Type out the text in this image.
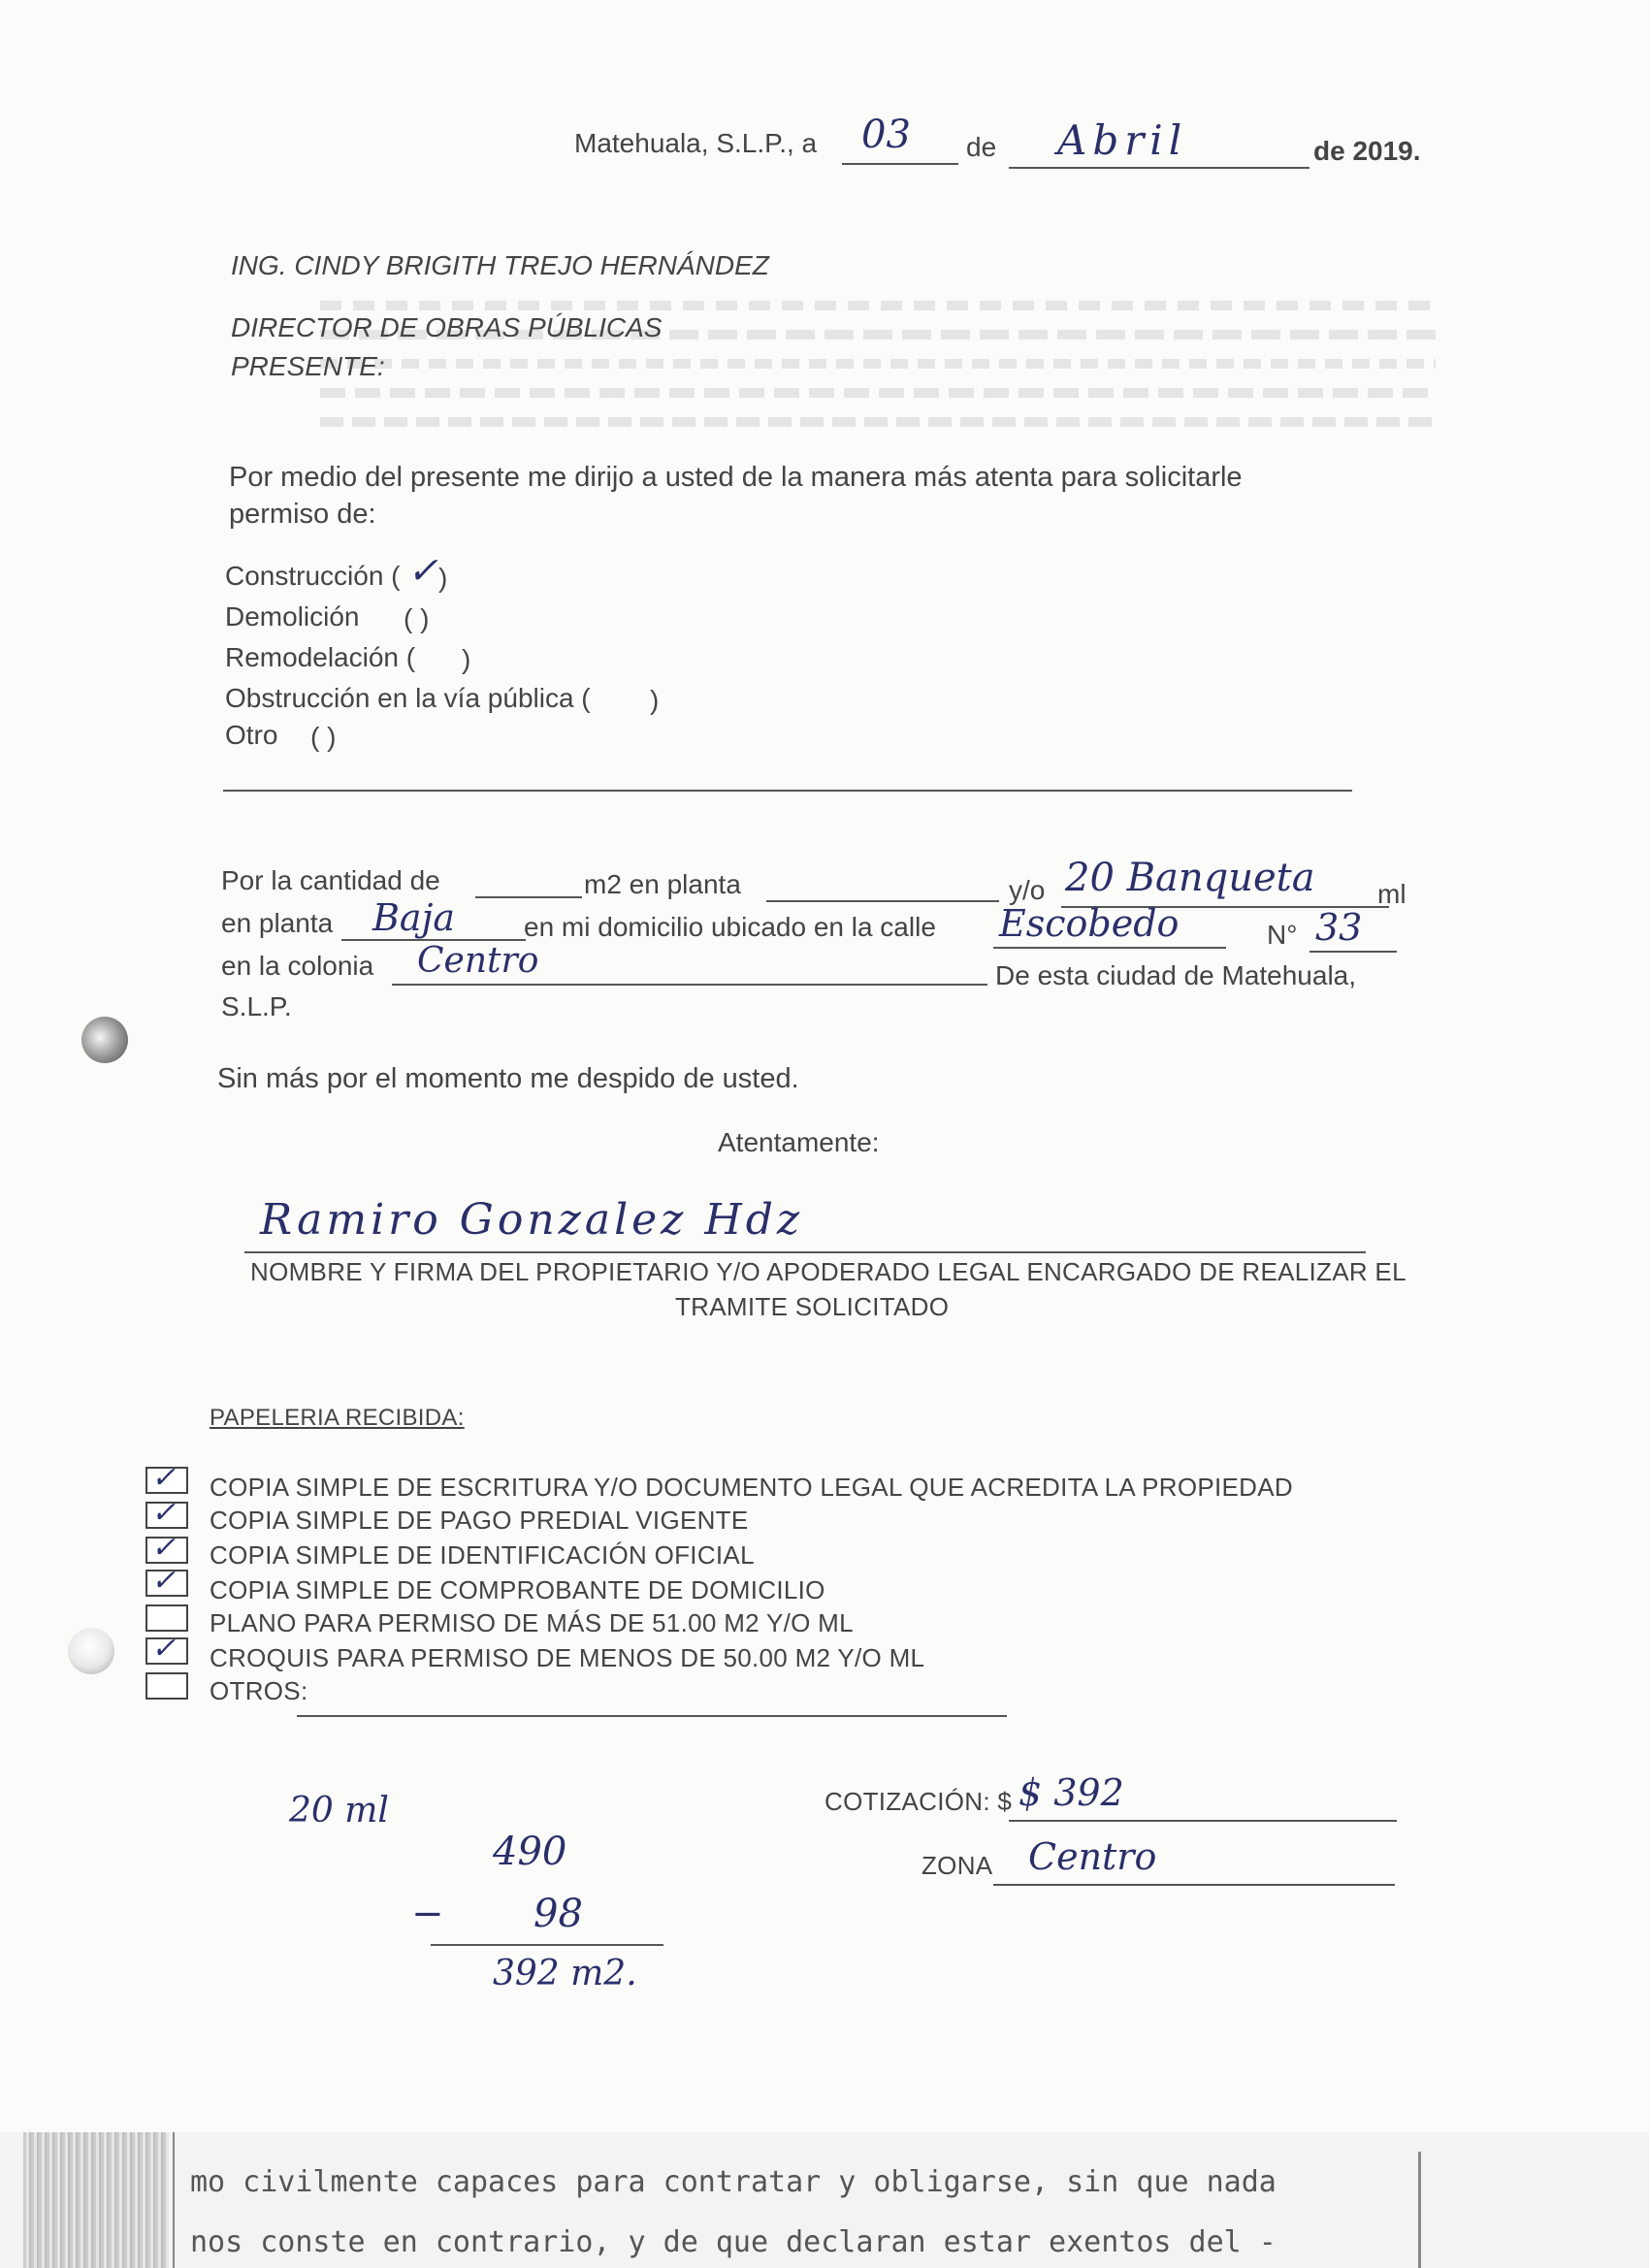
Matehuala, S.L.P., a 03 de Abril	de 2019.
ING. CINDY BRIGITH TREJO HERNÁNDEZ
DIRECTOR DE OBRAS PÚBLICAS
PRESENTE:
Por medio del presente me dirijo a usted de la manera más atenta para solicitarle
permiso de:
Construcción ( ✓ )
Demolición ( )
Remodelación ( )
Obstrucción en la vía pública ( )
Otro ( )
Por la cantidad de	m2 en planta	y/o 20 Banqueta ml
en planta Baja	en mi domicilio ubicado en la calle Escobedo	N° 33
en la colonia Centro	De esta ciudad de Matehuala,
S.L.P.
Sin más por el momento me despido de usted.
Atentamente:
Ramiro Gonzalez Hdz
NOMBRE Y FIRMA DEL PROPIETARIO Y/O APODERADO LEGAL ENCARGADO DE REALIZAR EL
TRAMITE SOLICITADO
PAPELERIA RECIBIDA:
✓ COPIA SIMPLE DE ESCRITURA Y/O DOCUMENTO LEGAL QUE ACREDITA LA PROPIEDAD
✓ COPIA SIMPLE DE PAGO PREDIAL VIGENTE
✓ COPIA SIMPLE DE IDENTIFICACIÓN OFICIAL
✓ COPIA SIMPLE DE COMPROBANTE DE DOMICILIO
PLANO PARA PERMISO DE MÁS DE 51.00 M2 Y/O ML
✓ CROQUIS PARA PERMISO DE MENOS DE 50.00 M2 Y/O ML
OTROS:
20 ml
490
− 98
392 m2.
COTIZACIÓN: $ $ 392
ZONA Centro
mo civilmente capaces para contratar y obligarse, sin que nada
nos conste en contrario, y de que declaran estar exentos del -
